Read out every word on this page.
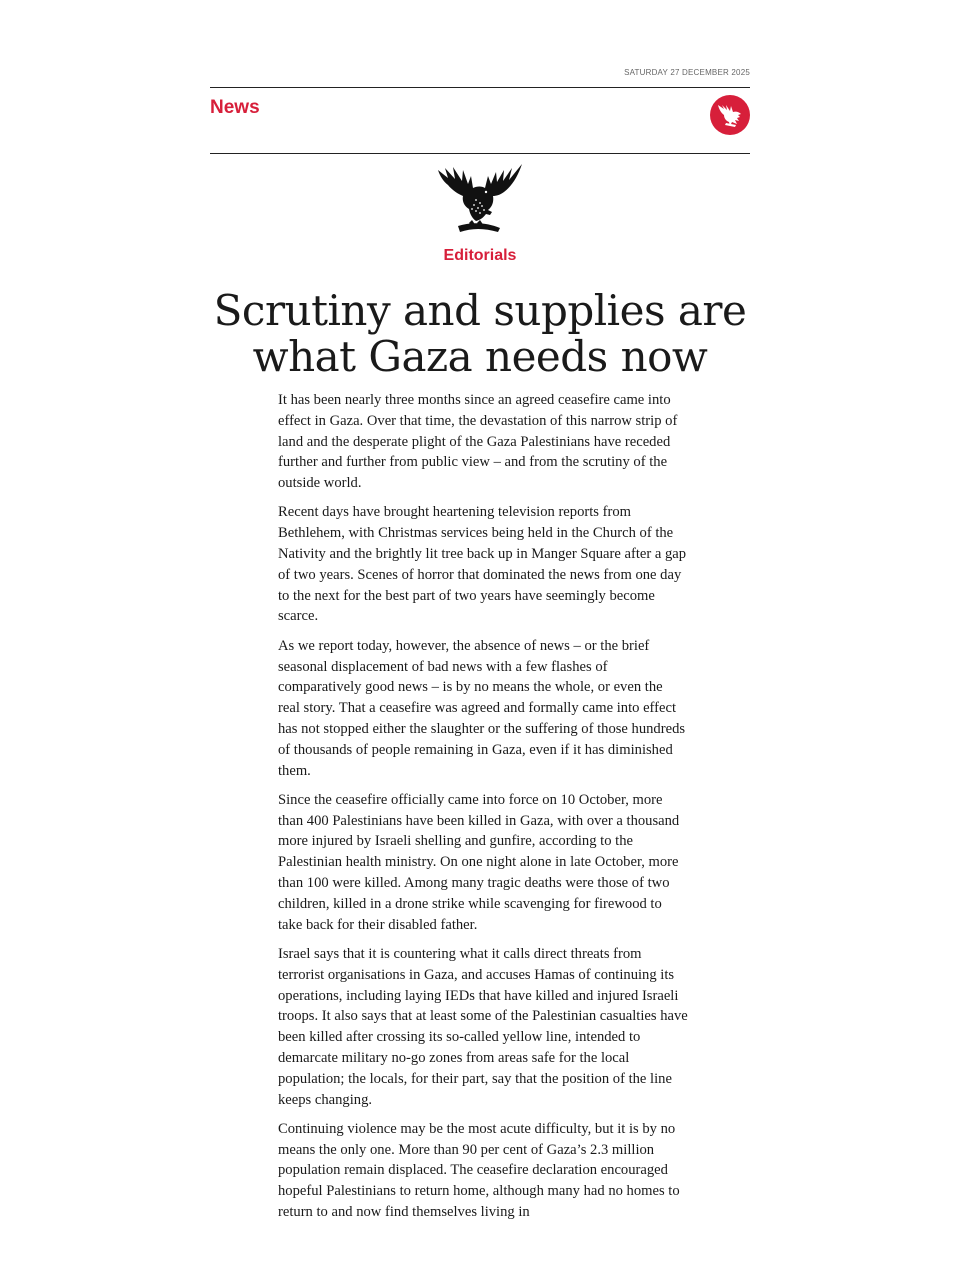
SATURDAY 27 DECEMBER 2025
News
Editorials
Scrutiny and supplies are what Gaza needs now

It has been nearly three months since an agreed ceasefire came into effect in Gaza. Over that time, the devastation of this narrow strip of land and the desperate plight of the Gaza Palestinians have receded further and further from public view – and from the scrutiny of the outside world.

Recent days have brought heartening television reports from Bethlehem, with Christmas services being held in the Church of the Nativity and the brightly lit tree back up in Manger Square after a gap of two years. Scenes of horror that dominated the news from one day to the next for the best part of two years have seemingly become scarce.

As we report today, however, the absence of news – or the brief seasonal displacement of bad news with a few flashes of comparatively good news – is by no means the whole, or even the real story. That a ceasefire was agreed and formally came into effect has not stopped either the slaughter or the suffering of those hundreds of thousands of people remaining in Gaza, even if it has diminished them.

Since the ceasefire officially came into force on 10 October, more than 400 Palestinians have been killed in Gaza, with over a thousand more injured by Israeli shelling and gunfire, according to the Palestinian health ministry. On one night alone in late October, more than 100 were killed. Among many tragic deaths were those of two children, killed in a drone strike while scavenging for firewood to take back for their disabled father.

Israel says that it is countering what it calls direct threats from terrorist organisations in Gaza, and accuses Hamas of continuing its operations, including laying IEDs that have killed and injured Israeli troops. It also says that at least some of the Palestinian casualties have been killed after crossing its so-called yellow line, intended to demarcate military no-go zones from areas safe for the local population; the locals, for their part, say that the position of the line keeps changing.

Continuing violence may be the most acute difficulty, but it is by no means the only one. More than 90 per cent of Gaza’s 2.3 million population remain displaced. The ceasefire declaration encouraged hopeful Palestinians to return home, although many had no homes to return to and now find themselves living in
